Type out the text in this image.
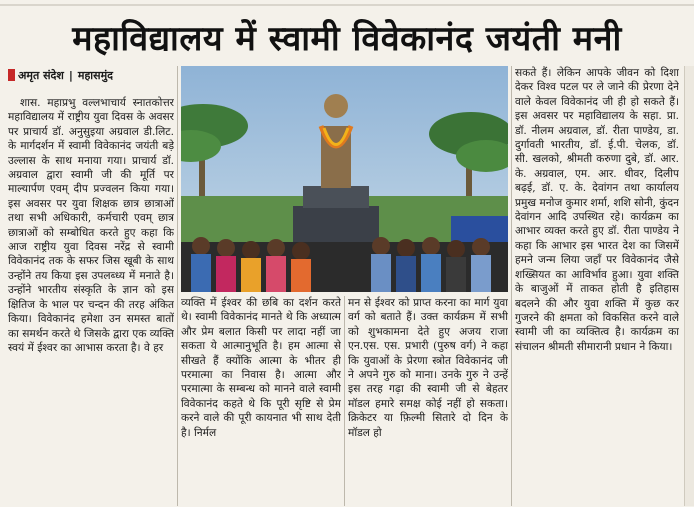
महाविद्यालय में स्वामी विवेकानंद जयंती मनी
अमृत संदेश | महासमुंद
शास. महाप्रभु वल्लभाचार्य स्नातकोत्तर महाविद्यालय में राष्ट्रीय युवा दिवस के अवसर पर प्राचार्य डॉ. अनुसुइया अग्रवाल डी.लिट. के मार्गदर्शन में स्वामी विवेकानंद जयंती बड़े उल्लास के साथ मनाया गया। प्राचार्य डॉ. अग्रवाल द्वारा स्वामी जी की मूर्ति पर माल्यार्पण एवम् दीप प्रज्वलन किया गया। इस अवसर पर युवा शिक्षक छात्र छात्राओं तथा सभी अधिकारी, कर्मचारी एवम् छात्र छात्राओं को सम्बोधित करते हुए कहा कि आज राष्ट्रीय युवा दिवस नरेंद्र से स्वामी विवेकानंद तक के सफर जिस खूबी के साथ उन्होंने तय किया इस उपलब्ध्य में मनाते है। उन्होंने भारतीय संस्कृति के ज्ञान को इस क्षितिज के भाल पर चन्दन की तरह अंकित किया। विवेकानंद हमेशा उन समस्त बातों का समर्थन करते थे जिसके द्वारा एक व्यक्ति स्वयं में ईश्वर का आभास करता है। वे हर
व्यक्ति में ईश्वर की छबि का दर्शन करते थे। स्वामी विवेकानंद मानते थे कि अध्यात्म और प्रेम बलात किसी पर लादा नहीं जा सकता ये आत्मानुभूति है। हम आत्मा से सीखते हैं क्योंकि आत्मा के भीतर ही परमात्मा का निवास है। आत्मा और परमात्मा के सम्बन्ध को मानने वाले स्वामी विवेकानंद कहते थे कि पूरी सृष्टि से प्रेम करने वाले की पूरी कायनात भी साथ देती है। निर्मल
मन से ईश्वर को प्राप्त करना का मार्ग युवा वर्ग को बताते हैं। उक्त कार्यक्रम में सभी को शुभकामना देते हुए अजय राजा एन.एस. एस. प्रभारी (पुरुष वर्ग) ने कहा कि युवाओं के प्रेरणा स्त्रोत विवेकानंद जी ने अपने गुरु को माना। उनके गुरु ने उन्हें इस तरह गढ़ा की स्वामी जी से बेहतर मॉडल हमारे समक्ष कोई नहीं हो सकता। क्रिकेटर या फ़िल्मी सितारे दो दिन के मॉडल हो
सकते हैं। लेकिन आपके जीवन को दिशा देकर विश्व पटल पर ले जाने की प्रेरणा देने वाले केवल विवेकानंद जी ही हो सकते हैं। इस अवसर पर महाविद्यालय के सहा. प्रा. डॉ. नीलम अग्रवाल, डॉ. रीता पाण्डेय, डा. दुर्गावती भारतीय, डॉ. ई.पी. चेलक, डॉ. सी. खलको, श्रीमती करुणा दुबे, डॉ. आर. के. अग्रवाल, एम. आर. धीवर, दिलीप बढ़ई, डॉ. ए. के. देवांगन तथा कार्यालय प्रमुख मनोज कुमार शर्मा, शशि सोनी, कुंदन देवांगन आदि उपस्थित रहे। कार्यक्रम का आभार व्यक्त करते हुए डॉ. रीता पाण्डेय ने कहा कि आभार इस भारत देश का जिसमें हमने जन्म लिया जहाँ पर विवेकानंद जैसे शख्सियत का आविर्भाव हुआ। युवा शक्ति के बाजुओं में ताकत होती है इतिहास बदलने की और युवा शक्ति में कुछ कर गुजरने की क्षमता को विकसित करने वाले स्वामी जी का व्यक्तित्व है। कार्यक्रम का संचालन श्रीमती सीमारानी प्रधान ने किया।
